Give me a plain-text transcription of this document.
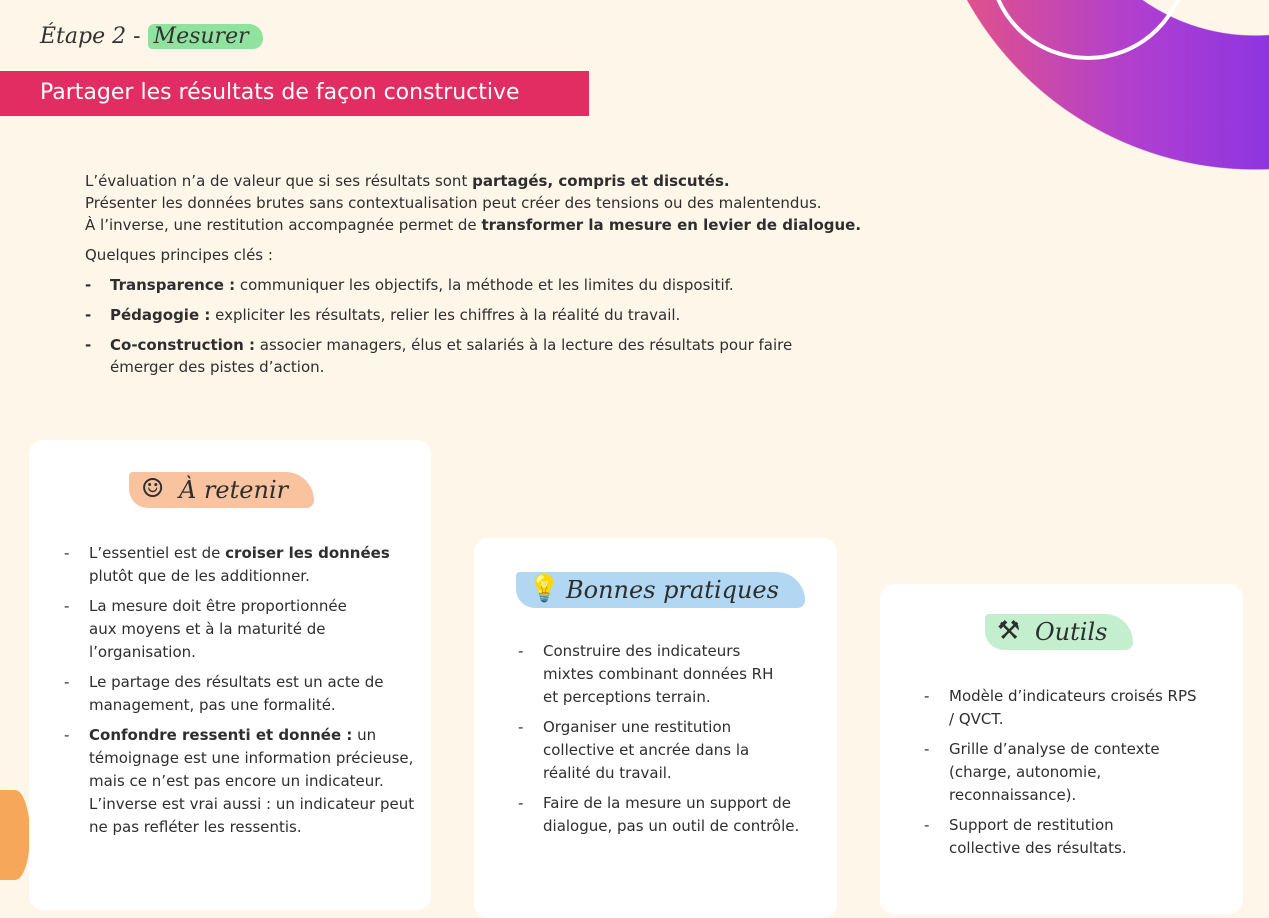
Étape 2 - Mesurer
Partager les résultats de façon constructive

L’évaluation n’a de valeur que si ses résultats sont partagés, compris et discutés.

Présenter les données brutes sans contextualisation peut créer des tensions ou des malentendus.

À l’inverse, une restitution accompagnée permet de transformer la mesure en levier de dialogue.

Quelques principes clés :

- Transparence : communiquer les objectifs, la méthode et les limites du dispositif.
- Pédagogie : expliciter les résultats, relier les chiffres à la réalité du travail.
- Co-construction : associer managers, élus et salariés à la lecture des résultats pour faire émerger des pistes d’action.
☺ À retenir
- L’essentiel est de croiser les données plutôt que de les additionner.
- La mesure doit être proportionnée aux moyens et à la maturité de l’organisation.
- Le partage des résultats est un acte de management, pas une formalité.
- Confondre ressenti et donnée : un témoignage est une information précieuse, mais ce n’est pas encore un indicateur. L’inverse est vrai aussi : un indicateur peut ne pas refléter les ressentis.
💡 Bonnes pratiques
- Construire des indicateurs mixtes combinant données RH et perceptions terrain.
- Organiser une restitution collective et ancrée dans la réalité du travail.
- Faire de la mesure un support de dialogue, pas un outil de contrôle.
⚒ Outils
- Modèle d’indicateurs croisés RPS / QVCT.
- Grille d’analyse de contexte (charge, autonomie, reconnaissance).
- Support de restitution collective des résultats.
